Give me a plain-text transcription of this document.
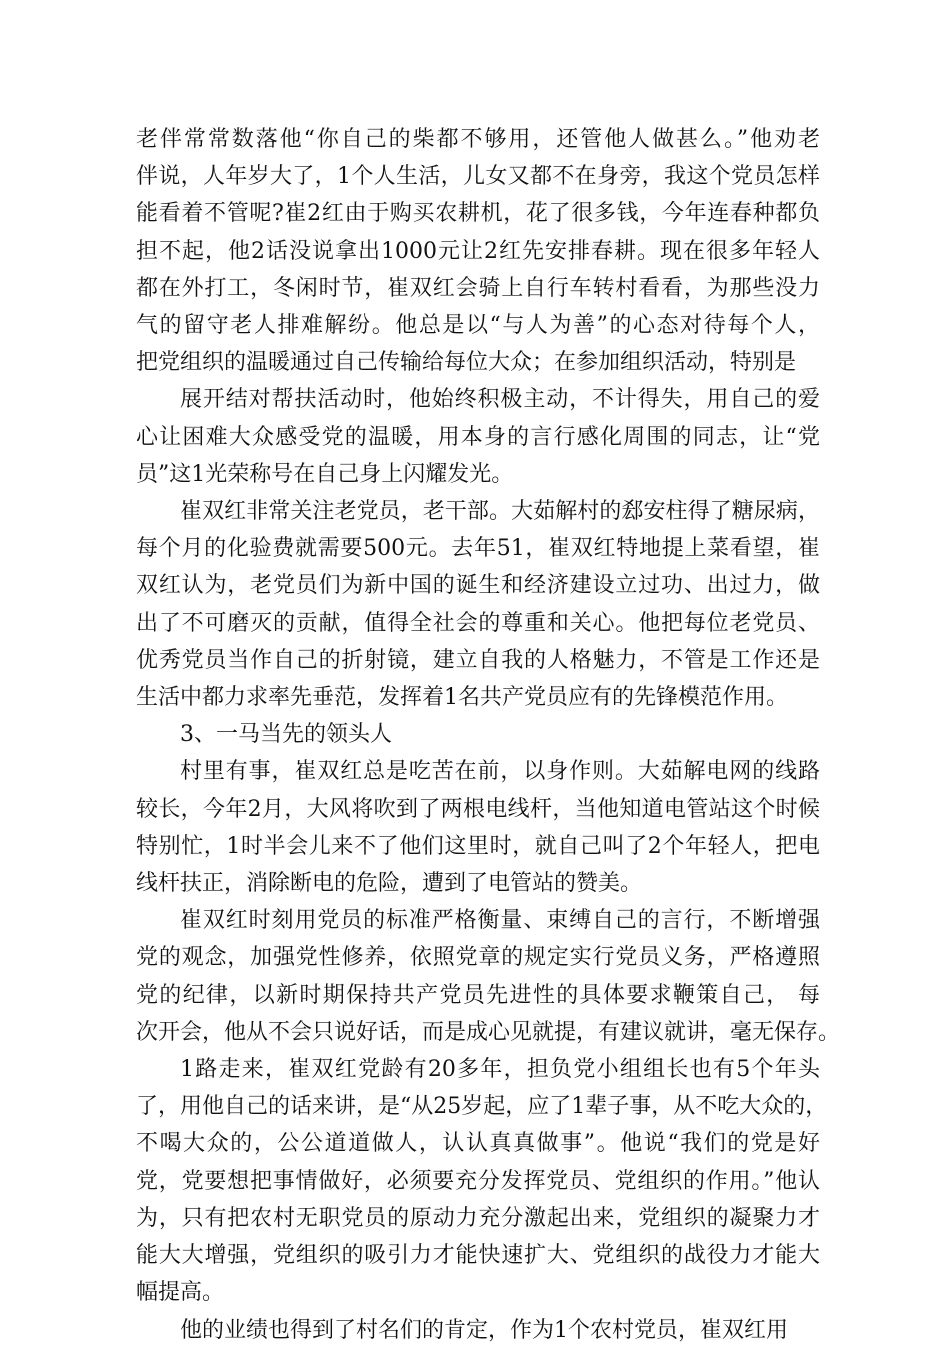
老伴常常数落他“你自己的柴都不够用，还管他人做甚么。”他劝老
伴说，人年岁大了，1个人生活，儿女又都不在身旁，我这个党员怎样
能看着不管呢?崔2红由于购买农耕机，花了很多钱，今年连春种都负
担不起，他2话没说拿出1000元让2红先安排春耕。现在很多年轻人
都在外打工，冬闲时节，崔双红会骑上自行车转村看看，为那些没力
气的留守老人排难解纷。他总是以“与人为善”的心态对待每个人，
把党组织的温暖通过自己传输给每位大众；在参加组织活动，特别是

展开结对帮扶活动时，他始终积极主动，不计得失，用自己的爱
心让困难大众感受党的温暖，用本身的言行感化周围的同志，让“党
员”这1光荣称号在自己身上闪耀发光。

崔双红非常关注老党员，老干部。大茹解村的郄安柱得了糖尿病，
每个月的化验费就需要500元。去年51，崔双红特地提上菜看望，崔
双红认为，老党员们为新中国的诞生和经济建设立过功、出过力，做
出了不可磨灭的贡献，值得全社会的尊重和关心。他把每位老党员、
优秀党员当作自己的折射镜，建立自我的人格魅力，不管是工作还是
生活中都力求率先垂范，发挥着1名共产党员应有的先锋模范作用。

3、一马当先的领头人

村里有事，崔双红总是吃苦在前，以身作则。大茹解电网的线路
较长，今年2月，大风将吹到了两根电线杆，当他知道电管站这个时候
特别忙，1时半会儿来不了他们这里时，就自己叫了2个年轻人，把电
线杆扶正，消除断电的危险，遭到了电管站的赞美。

崔双红时刻用党员的标准严格衡量、束缚自己的言行，不断增强
党的观念，加强党性修养，依照党章的规定实行党员义务，严格遵照
党的纪律，以新时期保持共产党员先进性的具体要求鞭策自己， 每
次开会，他从不会只说好话，而是成心见就提，有建议就讲，毫无保存。

1路走来，崔双红党龄有20多年，担负党小组组长也有5个年头
了，用他自己的话来讲，是“从25岁起，应了1辈子事，从不吃大众的，
不喝大众的，公公道道做人，认认真真做事”。他说“我们的党是好
党，党要想把事情做好，必须要充分发挥党员、党组织的作用。”他认
为，只有把农村无职党员的原动力充分激起出来，党组织的凝聚力才
能大大增强，党组织的吸引力才能快速扩大、党组织的战役力才能大
幅提高。

他的业绩也得到了村名们的肯定，作为1个农村党员，崔双红用
